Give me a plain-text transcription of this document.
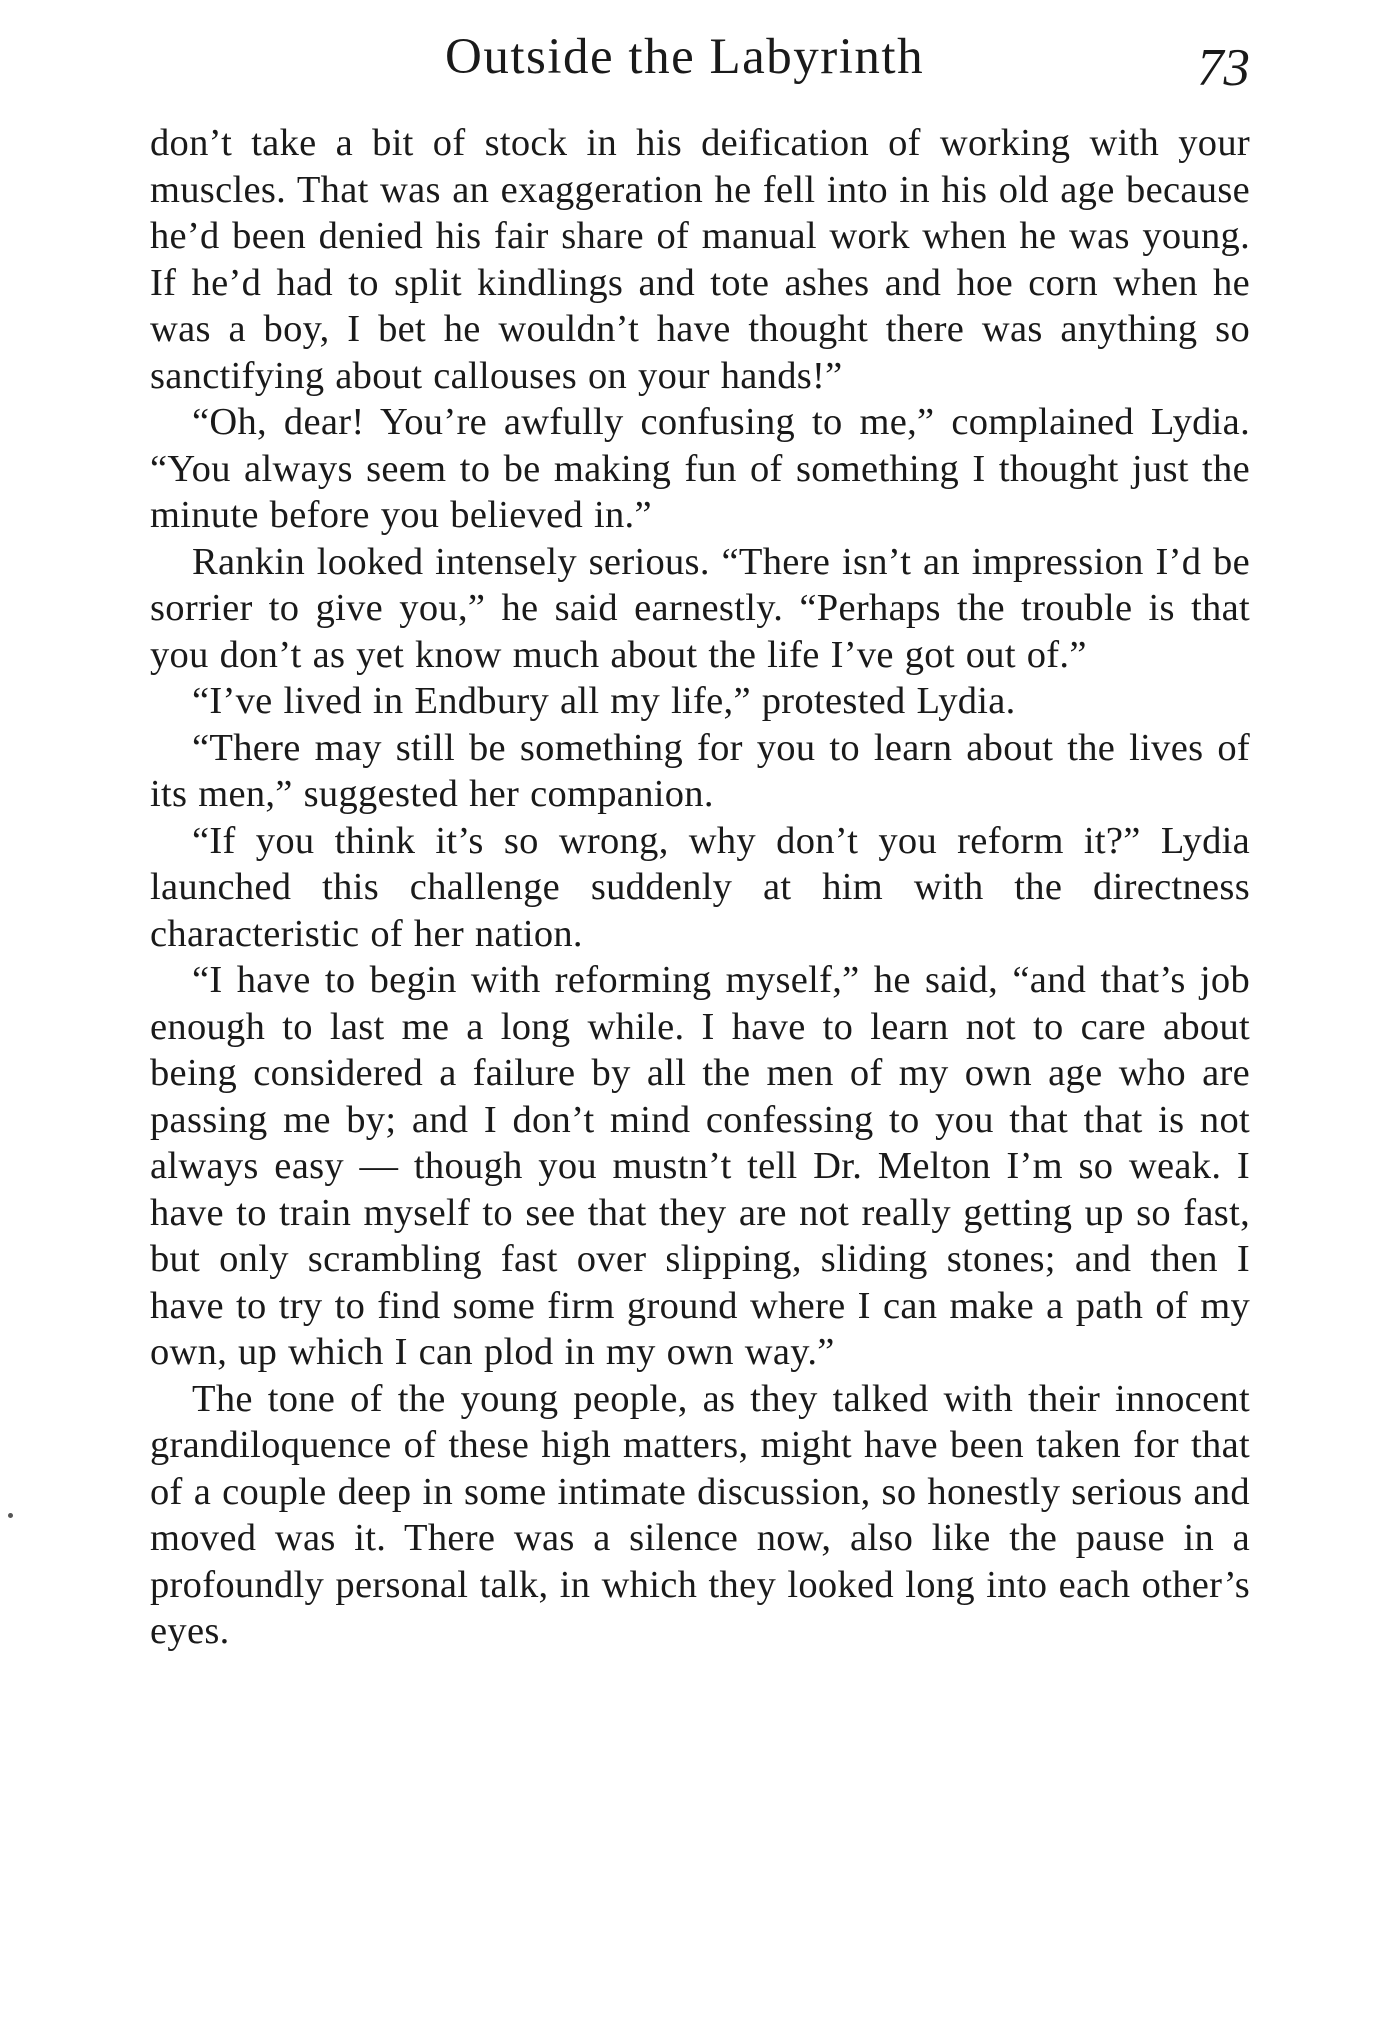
Outside the Labyrinth	73

don’t take a bit of stock in his deification of working with your muscles. That was an exaggeration he fell into in his old age because he’d been denied his fair share of manual work when he was young. If he’d had to split kindlings and tote ashes and hoe corn when he was a boy, I bet he wouldn’t have thought there was anything so sanctifying about callouses on your hands!”

“Oh, dear! You’re awfully confusing to me,” complained Lydia. “You always seem to be making fun of something I thought just the minute before you believed in.”

Rankin looked intensely serious. “There isn’t an impression I’d be sorrier to give you,” he said earnestly. “Perhaps the trouble is that you don’t as yet know much about the life I’ve got out of.”

“I’ve lived in Endbury all my life,” protested Lydia.

“There may still be something for you to learn about the lives of its men,” suggested her companion.

“If you think it’s so wrong, why don’t you reform it?” Lydia launched this challenge suddenly at him with the directness characteristic of her nation.

“I have to begin with reforming myself,” he said, “and that’s job enough to last me a long while. I have to learn not to care about being considered a failure by all the men of my own age who are passing me by; and I don’t mind confessing to you that that is not always easy — though you mustn’t tell Dr. Melton I’m so weak. I have to train myself to see that they are not really getting up so fast, but only scrambling fast over slipping, sliding stones; and then I have to try to find some firm ground where I can make a path of my own, up which I can plod in my own way.”

The tone of the young people, as they talked with their innocent grandiloquence of these high matters, might have been taken for that of a couple deep in some intimate discussion, so honestly serious and moved was it. There was a silence now, also like the pause in a profoundly personal talk, in which they looked long into each other’s eyes.
